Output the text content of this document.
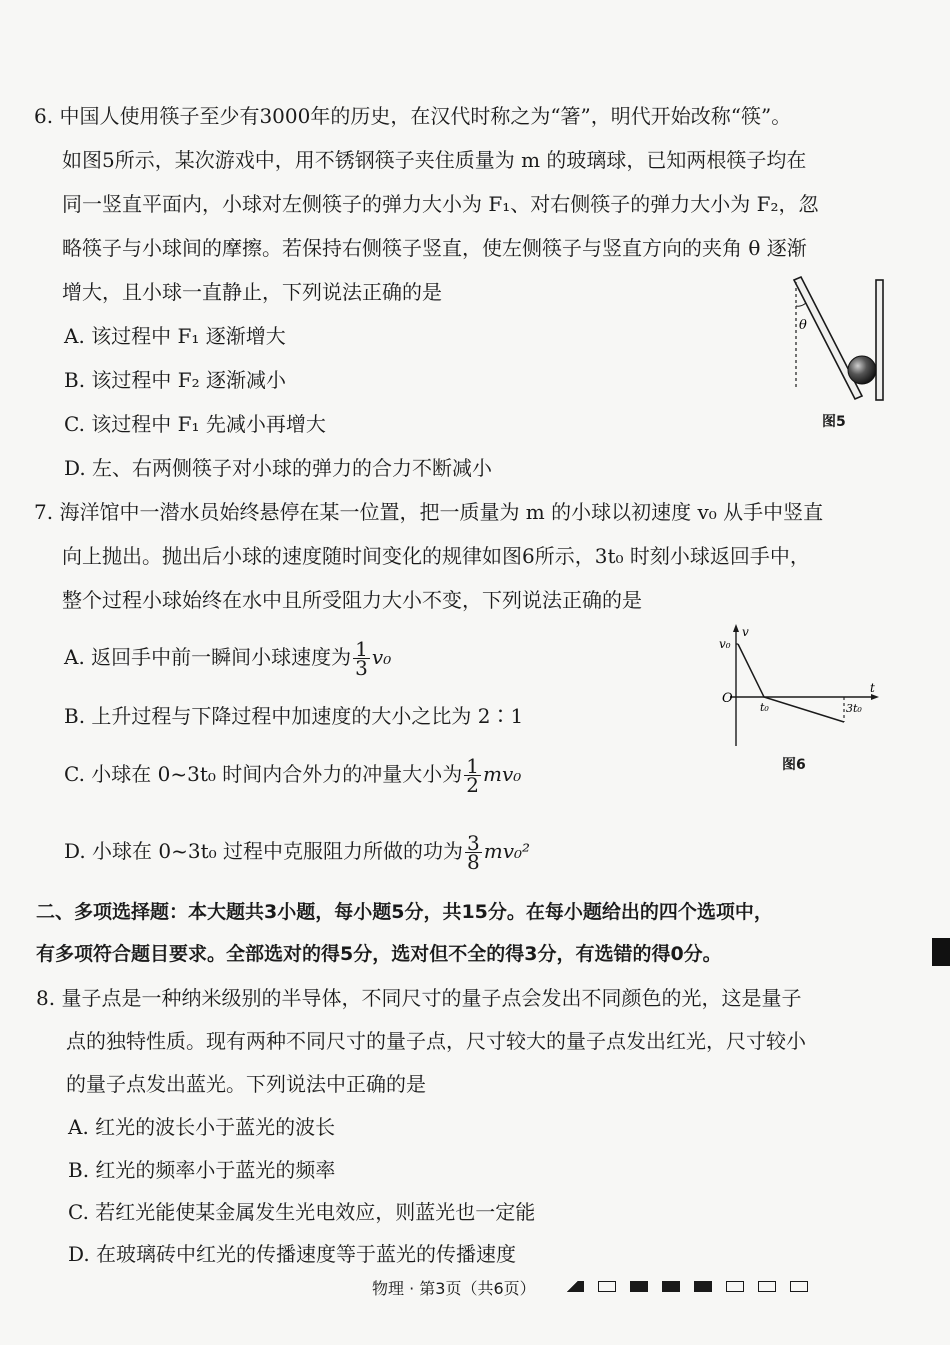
6. 中国人使用筷子至少有3000年的历史，在汉代时称之为“箸”，明代开始改称“筷”。
如图5所示，某次游戏中，用不锈钢筷子夹住质量为 m 的玻璃球，已知两根筷子均在
同一竖直平面内，小球对左侧筷子的弹力大小为 F₁、对右侧筷子的弹力大小为 F₂，忽
略筷子与小球间的摩擦。若保持右侧筷子竖直，使左侧筷子与竖直方向的夹角 θ 逐渐
增大，且小球一直静止，下列说法正确的是
A. 该过程中 F₁ 逐渐增大
B. 该过程中 F₂ 逐渐减小
C. 该过程中 F₁ 先减小再增大
D. 左、右两侧筷子对小球的弹力的合力不断减小
θ
图5
7. 海洋馆中一潜水员始终悬停在某一位置，把一质量为 m 的小球以初速度 v₀ 从手中竖直
向上抛出。抛出后小球的速度随时间变化的规律如图6所示，3t₀ 时刻小球返回手中，
整个过程小球始终在水中且所受阻力大小不变，下列说法正确的是
A. 返回手中前一瞬间小球速度为 $\frac{1}{3} v_0$
B. 上升过程与下降过程中加速度的大小之比为 2∶1
C. 小球在 0~3t₀ 时间内合外力的冲量大小为 $\frac{1}{2} mv_0$
D. 小球在 0~3t₀ 过程中克服阻力所做的功为 $\frac{3}{8} mv_0^2$
v₀
v
O
t₀	3t₀
t
图6
二、多项选择题：本大题共3小题，每小题5分，共15分。在每小题给出的四个选项中，
有多项符合题目要求。全部选对的得5分，选对但不全的得3分，有选错的得0分。
8. 量子点是一种纳米级别的半导体，不同尺寸的量子点会发出不同颜色的光，这是量子
点的独特性质。现有两种不同尺寸的量子点，尺寸较大的量子点发出红光，尺寸较小
的量子点发出蓝光。下列说法中正确的是
A. 红光的波长小于蓝光的波长
B. 红光的频率小于蓝光的频率
C. 若红光能使某金属发生光电效应，则蓝光也一定能
D. 在玻璃砖中红光的传播速度等于蓝光的传播速度
物理 · 第3页（共6页）
